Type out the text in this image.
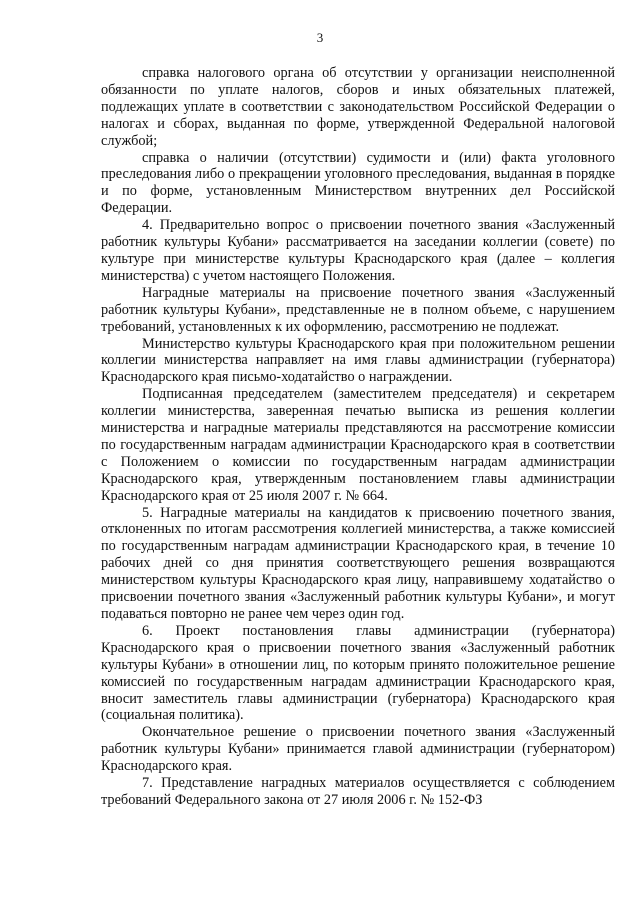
3

справка налогового органа об отсутствии у организации неисполненной обязанности по уплате налогов, сборов и иных обязательных платежей, подлежащих уплате в соответствии с законодательством Российской Федерации о налогах и сборах, выданная по форме, утвержденной Федеральной налоговой службой;

справка о наличии (отсутствии) судимости и (или) факта уголовного преследования либо о прекращении уголовного преследования, выданная в порядке и по форме, установленным Министерством внутренних дел Российской Федерации.

4. Предварительно вопрос о присвоении почетного звания «Заслуженный работник культуры Кубани» рассматривается на заседании коллегии (совете) по культуре при министерстве культуры Краснодарского края (далее – коллегия министерства) с учетом настоящего Положения.

Наградные материалы на присвоение почетного звания «Заслуженный работник культуры Кубани», представленные не в полном объеме, с нарушением требований, установленных к их оформлению, рассмотрению не подлежат.

Министерство культуры Краснодарского края при положительном решении коллегии министерства направляет на имя главы администрации (губернатора) Краснодарского края письмо-ходатайство о награждении.

Подписанная председателем (заместителем председателя) и секретарем коллегии министерства, заверенная печатью выписка из решения коллегии министерства и наградные материалы представляются на рассмотрение комиссии по государственным наградам администрации Краснодарского края в соответствии с Положением о комиссии по государственным наградам администрации Краснодарского края, утвержденным постановлением главы администрации Краснодарского края от 25 июля 2007 г. № 664.

5. Наградные материалы на кандидатов к присвоению почетного звания, отклоненных по итогам рассмотрения коллегией министерства, а также комиссией по государственным наградам администрации Краснодарского края, в течение 10 рабочих дней со дня принятия соответствующего решения возвращаются министерством культуры Краснодарского края лицу, направившему ходатайство о присвоении почетного звания «Заслуженный работник культуры Кубани», и могут подаваться повторно не ранее чем через один год.

6. Проект постановления главы администрации (губернатора) Краснодарского края о присвоении почетного звания «Заслуженный работник культуры Кубани» в отношении лиц, по которым принято положительное решение комиссией по государственным наградам администрации Краснодарского края, вносит заместитель главы администрации (губернатора) Краснодарского края (социальная политика).

Окончательное решение о присвоении почетного звания «Заслуженный работник культуры Кубани» принимается главой администрации (губернатором) Краснодарского края.

7. Представление наградных материалов осуществляется с соблюдением требований Федерального закона от 27 июля 2006 г. № 152-ФЗ
